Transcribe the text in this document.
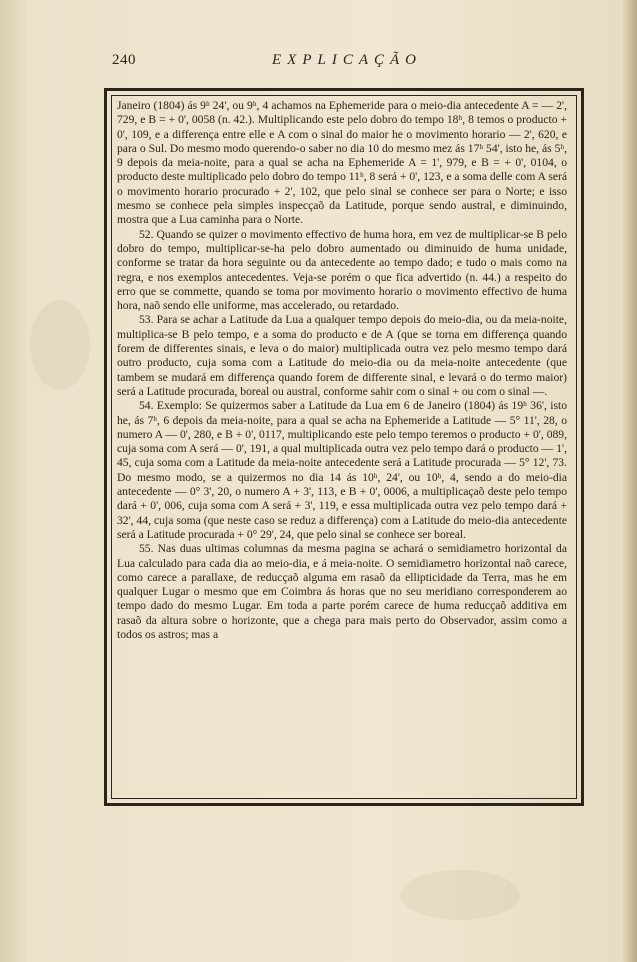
240	EXPLICAÇÃO

Janeiro (1804) ás 9ʰ 24', ou 9ʰ, 4 achamos na Ephemeride para o meio-dia antecedente A = — 2', 729, e B = + 0', 0058 (n. 42.). Multiplicando este pelo dobro do tempo 18ʰ, 8 temos o producto + 0', 109, e a differença entre elle e A com o sinal do maior he o movimento horario — 2', 620, e para o Sul. Do mesmo modo querendo-o saber no dia 10 do mesmo mez ás 17ʰ 54', isto he, ás 5ʰ, 9 depois da meia-noite, para a qual se acha na Ephemeride A = 1', 979, e B = + 0', 0104, o producto deste multiplicado pelo dobro do tempo 11ʰ, 8 será + 0', 123, e a soma delle com A será o movimento horario procurado + 2', 102, que pelo sinal se conhece ser para o Norte; e isso mesmo se conhece pela simples inspecçaõ da Latitude, porque sendo austral, e diminuindo, mostra que a Lua caminha para o Norte.

52. Quando se quizer o movimento effectivo de huma hora, em vez de multiplicar-se B pelo dobro do tempo, multiplicar-se-ha pelo dobro aumentado ou diminuido de huma unidade, conforme se tratar da hora seguinte ou da antecedente ao tempo dado; e tudo o mais como na regra, e nos exemplos antecedentes. Veja-se porém o que fica advertido (n. 44.) a respeito do erro que se commette, quando se toma por movimento horario o movimento effectivo de huma hora, naõ sendo elle uniforme, mas accelerado, ou retardado.

53. Para se achar a Latitude da Lua a qualquer tempo depois do meio-dia, ou da meia-noite, multiplica-se B pelo tempo, e a soma do producto e de A (que se torna em differença quando forem de differentes sinais, e leva o do maior) multiplicada outra vez pelo mesmo tempo dará outro producto, cuja soma com a Latitude do meio-dia ou da meia-noite antecedente (que tambem se mudará em differença quando forem de differente sinal, e levará o do termo maior) será a Latitude procurada, boreal ou austral, conforme sahir com o sinal + ou com o sinal —.

54. Exemplo: Se quizermos saber a Latitude da Lua em 6 de Janeiro (1804) ás 19ʰ 36', isto he, ás 7ʰ, 6 depois da meia-noite, para a qual se acha na Ephemeride a Latitude — 5° 11', 28, o numero A — 0', 280, e B + 0', 0117, multiplicando este pelo tempo teremos o producto + 0', 089, cuja soma com A será — 0', 191, a qual multiplicada outra vez pelo tempo dará o producto — 1', 45, cuja soma com a Latitude da meia-noite antecedente será a Latitude procurada — 5° 12', 73. Do mesmo modo, se a quizermos no dia 14 ás 10ʰ, 24', ou 10ʰ, 4, sendo a do meio-dia antecedente — 0° 3', 20, o numero A + 3', 113, e B + 0', 0006, a multiplicaçaõ deste pelo tempo dará + 0', 006, cuja soma com A será + 3', 119, e essa multiplicada outra vez pelo tempo dará + 32', 44, cuja soma (que neste caso se reduz a differença) com a Latitude do meio-dia antecedente será a Latitude procurada + 0° 29', 24, que pelo sinal se conhece ser boreal.

55. Nas duas ultimas columnas da mesma pagina se achará o semidiametro horizontal da Lua calculado para cada dia ao meio-dia, e á meia-noite. O semidiametro horizontal naõ carece, como carece a parallaxe, de reducçaõ alguma em rasaõ da ellipticidade da Terra, mas he em qualquer Lugar o mesmo que em Coimbra ás horas que no seu meridiano corresponderem ao tempo dado do mesmo Lugar. Em toda a parte porém carece de huma reducçaõ additiva em rasaõ da altura sobre o horizonte, que a chega para mais perto do Observador, assim como a todos os astros; mas a
